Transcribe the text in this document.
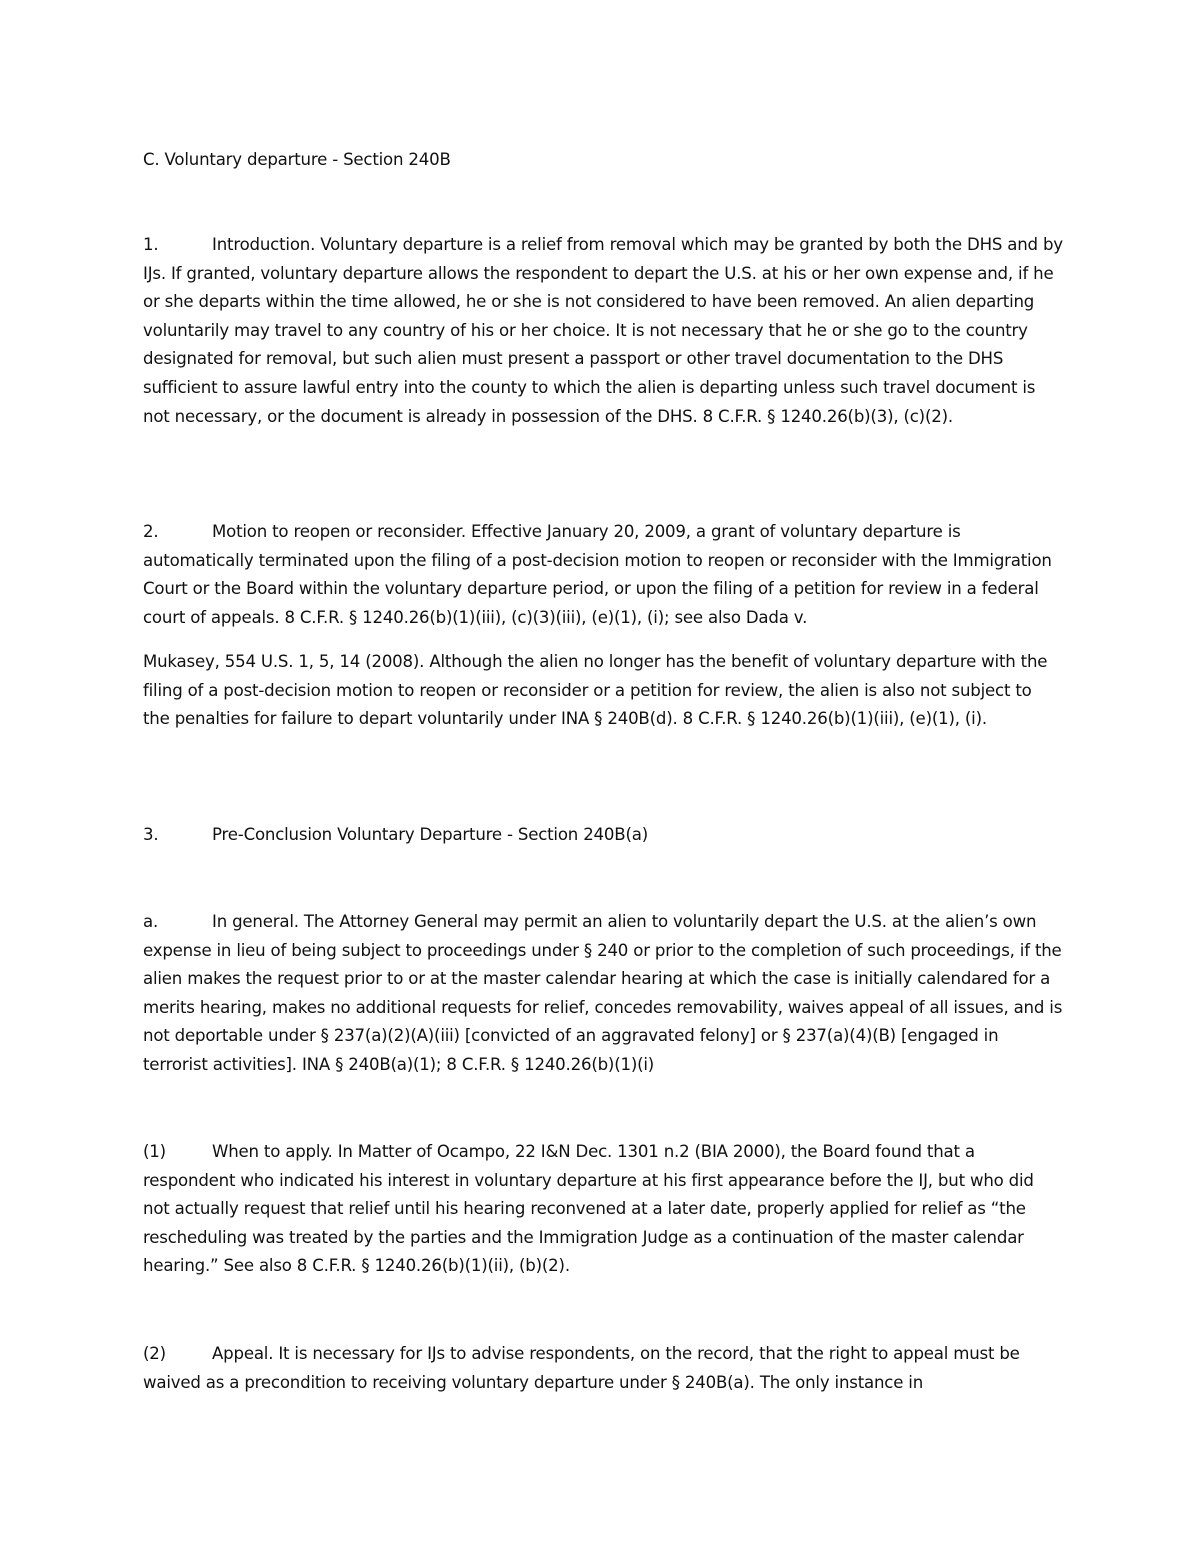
C. Voluntary departure - Section 240B

1.	Introduction. Voluntary departure is a relief from removal which may be granted by both the DHS and by IJs. If granted, voluntary departure allows the respondent to depart the U.S. at his or her own expense and, if he or she departs within the time allowed, he or she is not considered to have been removed. An alien departing voluntarily may travel to any country of his or her choice. It is not necessary that he or she go to the country designated for removal, but such alien must present a passport or other travel documentation to the DHS sufficient to assure lawful entry into the county to which the alien is departing unless such travel document is not necessary, or the document is already in possession of the DHS. 8 C.F.R. § 1240.26(b)(3), (c)(2).

2.	Motion to reopen or reconsider. Effective January 20, 2009, a grant of voluntary departure is automatically terminated upon the filing of a post-decision motion to reopen or reconsider with the Immigration Court or the Board within the voluntary departure period, or upon the filing of a petition for review in a federal court of appeals. 8 C.F.R. § 1240.26(b)(1)(iii), (c)(3)(iii), (e)(1), (i); see also Dada v.

Mukasey, 554 U.S. 1, 5, 14 (2008). Although the alien no longer has the benefit of voluntary departure with the filing of a post-decision motion to reopen or reconsider or a petition for review, the alien is also not subject to the penalties for failure to depart voluntarily under INA § 240B(d). 8 C.F.R. § 1240.26(b)(1)(iii), (e)(1), (i).

3.	Pre-Conclusion Voluntary Departure - Section 240B(a)

a.	In general. The Attorney General may permit an alien to voluntarily depart the U.S. at the alien’s own expense in lieu of being subject to proceedings under § 240 or prior to the completion of such proceedings, if the alien makes the request prior to or at the master calendar hearing at which the case is initially calendared for a merits hearing, makes no additional requests for relief, concedes removability, waives appeal of all issues, and is not deportable under § 237(a)(2)(A)(iii) [convicted of an aggravated felony] or § 237(a)(4)(B) [engaged in terrorist activities]. INA § 240B(a)(1); 8 C.F.R. § 1240.26(b)(1)(i)

(1)	When to apply. In Matter of Ocampo, 22 I&N Dec. 1301 n.2 (BIA 2000), the Board found that a respondent who indicated his interest in voluntary departure at his first appearance before the IJ, but who did not actually request that relief until his hearing reconvened at a later date, properly applied for relief as “the rescheduling was treated by the parties and the Immigration Judge as a continuation of the master calendar hearing.” See also 8 C.F.R. § 1240.26(b)(1)(ii), (b)(2).

(2)	Appeal. It is necessary for IJs to advise respondents, on the record, that the right to appeal must be waived as a precondition to receiving voluntary departure under § 240B(a). The only instance in
